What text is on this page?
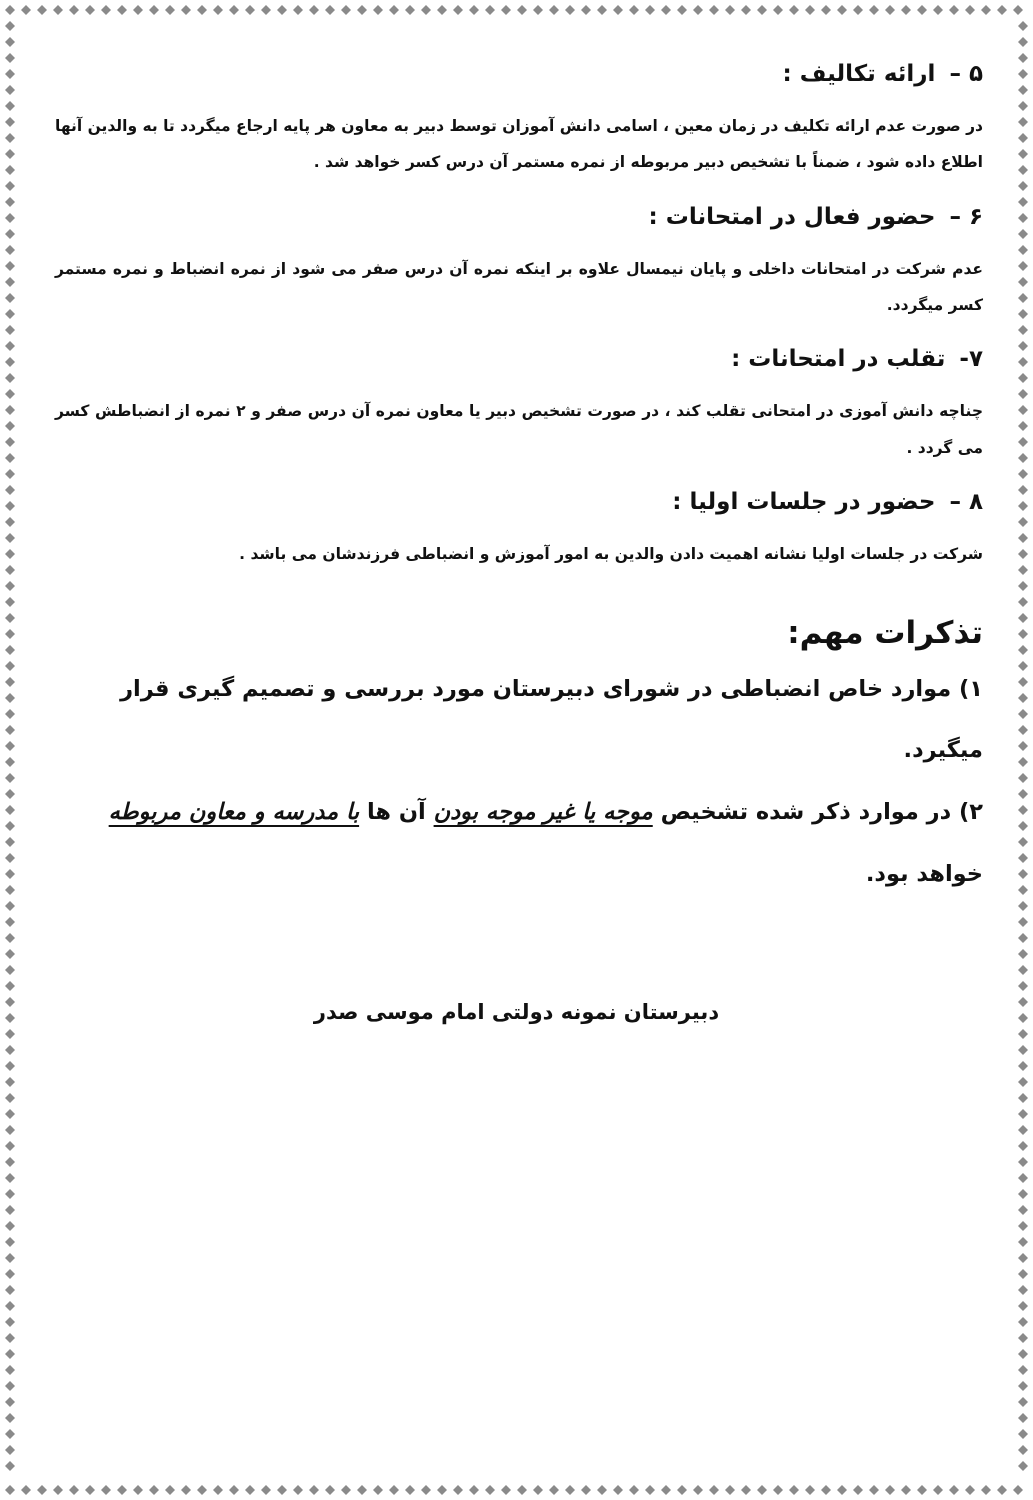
۵ – ارائه تکالیف :

در صورت عدم ارائه تکلیف در زمان معین ، اسامی دانش آموزان توسط دبیر به معاون هر پایه ارجاع میگردد تا به والدین آنها اطلاع داده شود ، ضمناً با تشخیص دبیر مربوطه از نمره مستمر آن درس کسر خواهد شد .

۶ – حضور فعال در امتحانات :

عدم شرکت در امتحانات داخلی و پایان نیمسال علاوه بر اینکه نمره آن درس صفر می شود از نمره انضباط و نمره مستمر کسر میگردد.

۷- تقلب در امتحانات :

چناچه دانش آموزی در امتحانی تقلب کند ، در صورت تشخیص دبیر یا معاون نمره آن درس صفر و ۲ نمره از انضباطش کسر می گردد .

۸ – حضور در جلسات اولیا :

شرکت در جلسات اولیا نشانه اهمیت دادن والدین به امور آموزش و انضباطی فرزندشان می باشد .

تذکرات مهم:

۱) موارد خاص انضباطی در شورای دبیرستان مورد بررسی و تصمیم گیری قرار میگیرد.

۲) در موارد ذکر شده تشخیص موجه یا غیر موجه بودن آن ها با مدرسه و معاون مربوطه خواهد بود.

دبیرستان نمونه دولتی امام موسی صدر
